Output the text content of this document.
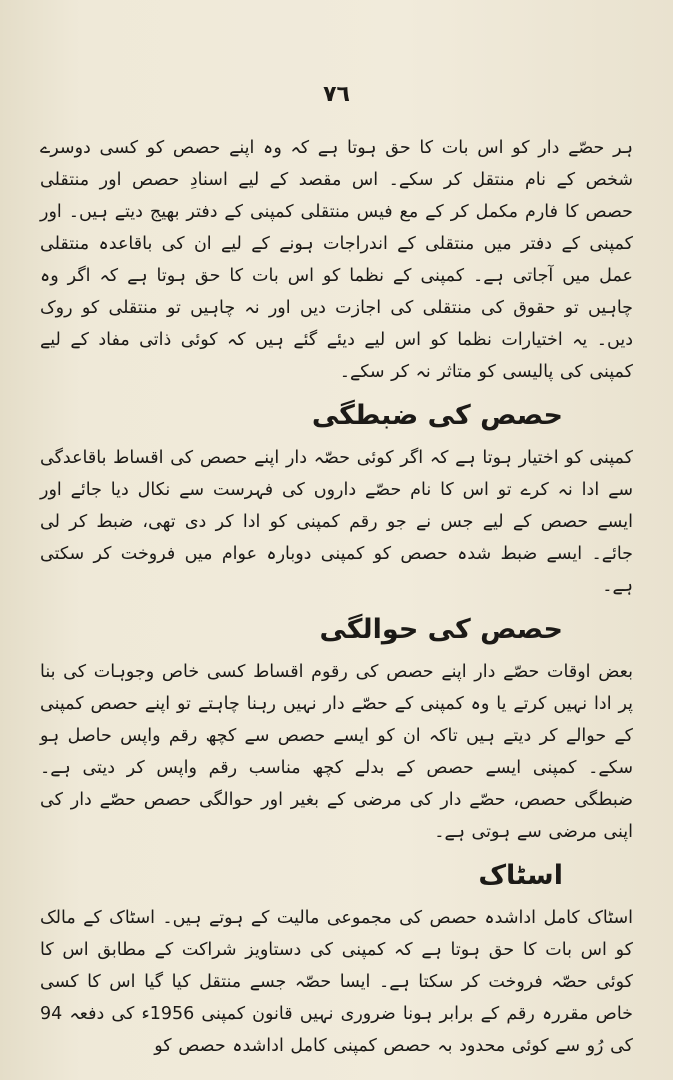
٧٦

ہر حصّے دار کو اس بات کا حق ہوتا ہے کہ وہ اپنے حصص کو کسی دوسرے شخص کے نام منتقل کر سکے۔ اس مقصد کے لیے اسنادِ حصص اور منتقلی حصص کا فارم مکمل کر کے مع فیس منتقلی کمپنی کے دفتر بھیج دیتے ہیں۔ اور کمپنی کے دفتر میں منتقلی کے اندراجات ہونے کے لیے ان کی باقاعدہ منتقلی عمل میں آجاتی ہے۔ کمپنی کے نظما کو اس بات کا حق ہوتا ہے کہ اگر وہ چاہیں تو حقوق کی منتقلی کی اجازت دیں اور نہ چاہیں تو منتقلی کو روک دیں۔ یہ اختیارات نظما کو اس لیے دیئے گئے ہیں کہ کوئی ذاتی مفاد کے لیے کمپنی کی پالیسی کو متاثر نہ کر سکے۔

حصص کی ضبطگی

کمپنی کو اختیار ہوتا ہے کہ اگر کوئی حصّہ دار اپنے حصص کی اقساط باقاعدگی سے ادا نہ کرے تو اس کا نام حصّے داروں کی فہرست سے نکال دیا جائے اور ایسے حصص کے لیے جس نے جو رقم کمپنی کو ادا کر دی تھی، ضبط کر لی جائے۔ ایسے ضبط شدہ حصص کو کمپنی دوبارہ عوام میں فروخت کر سکتی ہے۔

حصص کی حوالگی

بعض اوقات حصّے دار اپنے حصص کی رقوم اقساط کسی خاص وجوہات کی بنا پر ادا نہیں کرتے یا وہ کمپنی کے حصّے دار نہیں رہنا چاہتے تو اپنے حصص کمپنی کے حوالے کر دیتے ہیں تاکہ ان کو ایسے حصص سے کچھ رقم واپس حاصل ہو سکے۔ کمپنی ایسے حصص کے بدلے کچھ مناسب رقم واپس کر دیتی ہے۔ ضبطگی حصص، حصّے دار کی مرضی کے بغیر اور حوالگی حصص حصّے دار کی اپنی مرضی سے ہوتی ہے۔

اسٹاک

اسٹاک کامل اداشدہ حصص کی مجموعی مالیت کے ہوتے ہیں۔ اسٹاک کے مالک کو اس بات کا حق ہوتا ہے کہ کمپنی کی دستاویز شراکت کے مطابق اس کا کوئی حصّہ فروخت کر سکتا ہے۔ ایسا حصّہ جسے منتقل کیا گیا اس کا کسی خاص مقررہ رقم کے برابر ہونا ضروری نہیں قانون کمپنی 1956ء کی دفعہ 94 کی رُو سے کوئی محدود بہ حصص کمپنی کامل اداشدہ حصص کو
